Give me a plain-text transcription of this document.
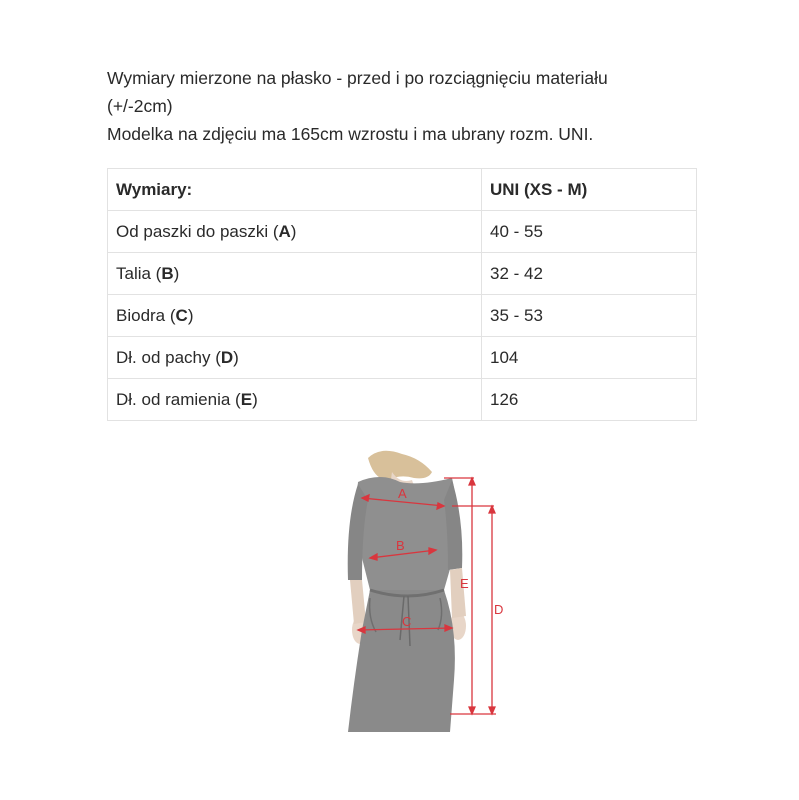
Wymiary mierzone na płasko - przed i po rozciągnięciu materiału

(+/-2cm)

Modelka na zdjęciu ma 165cm wzrostu i ma ubrany rozm. UNI.

Wymiary:	UNI (XS - M)
Od paszki do paszki (A)	40 - 55
Talia (B)	32 - 42
Biodra (C)	35 - 53
Dł. od pachy (D)	104
Dł. od ramienia (E)	126
A
B
C
E
D
